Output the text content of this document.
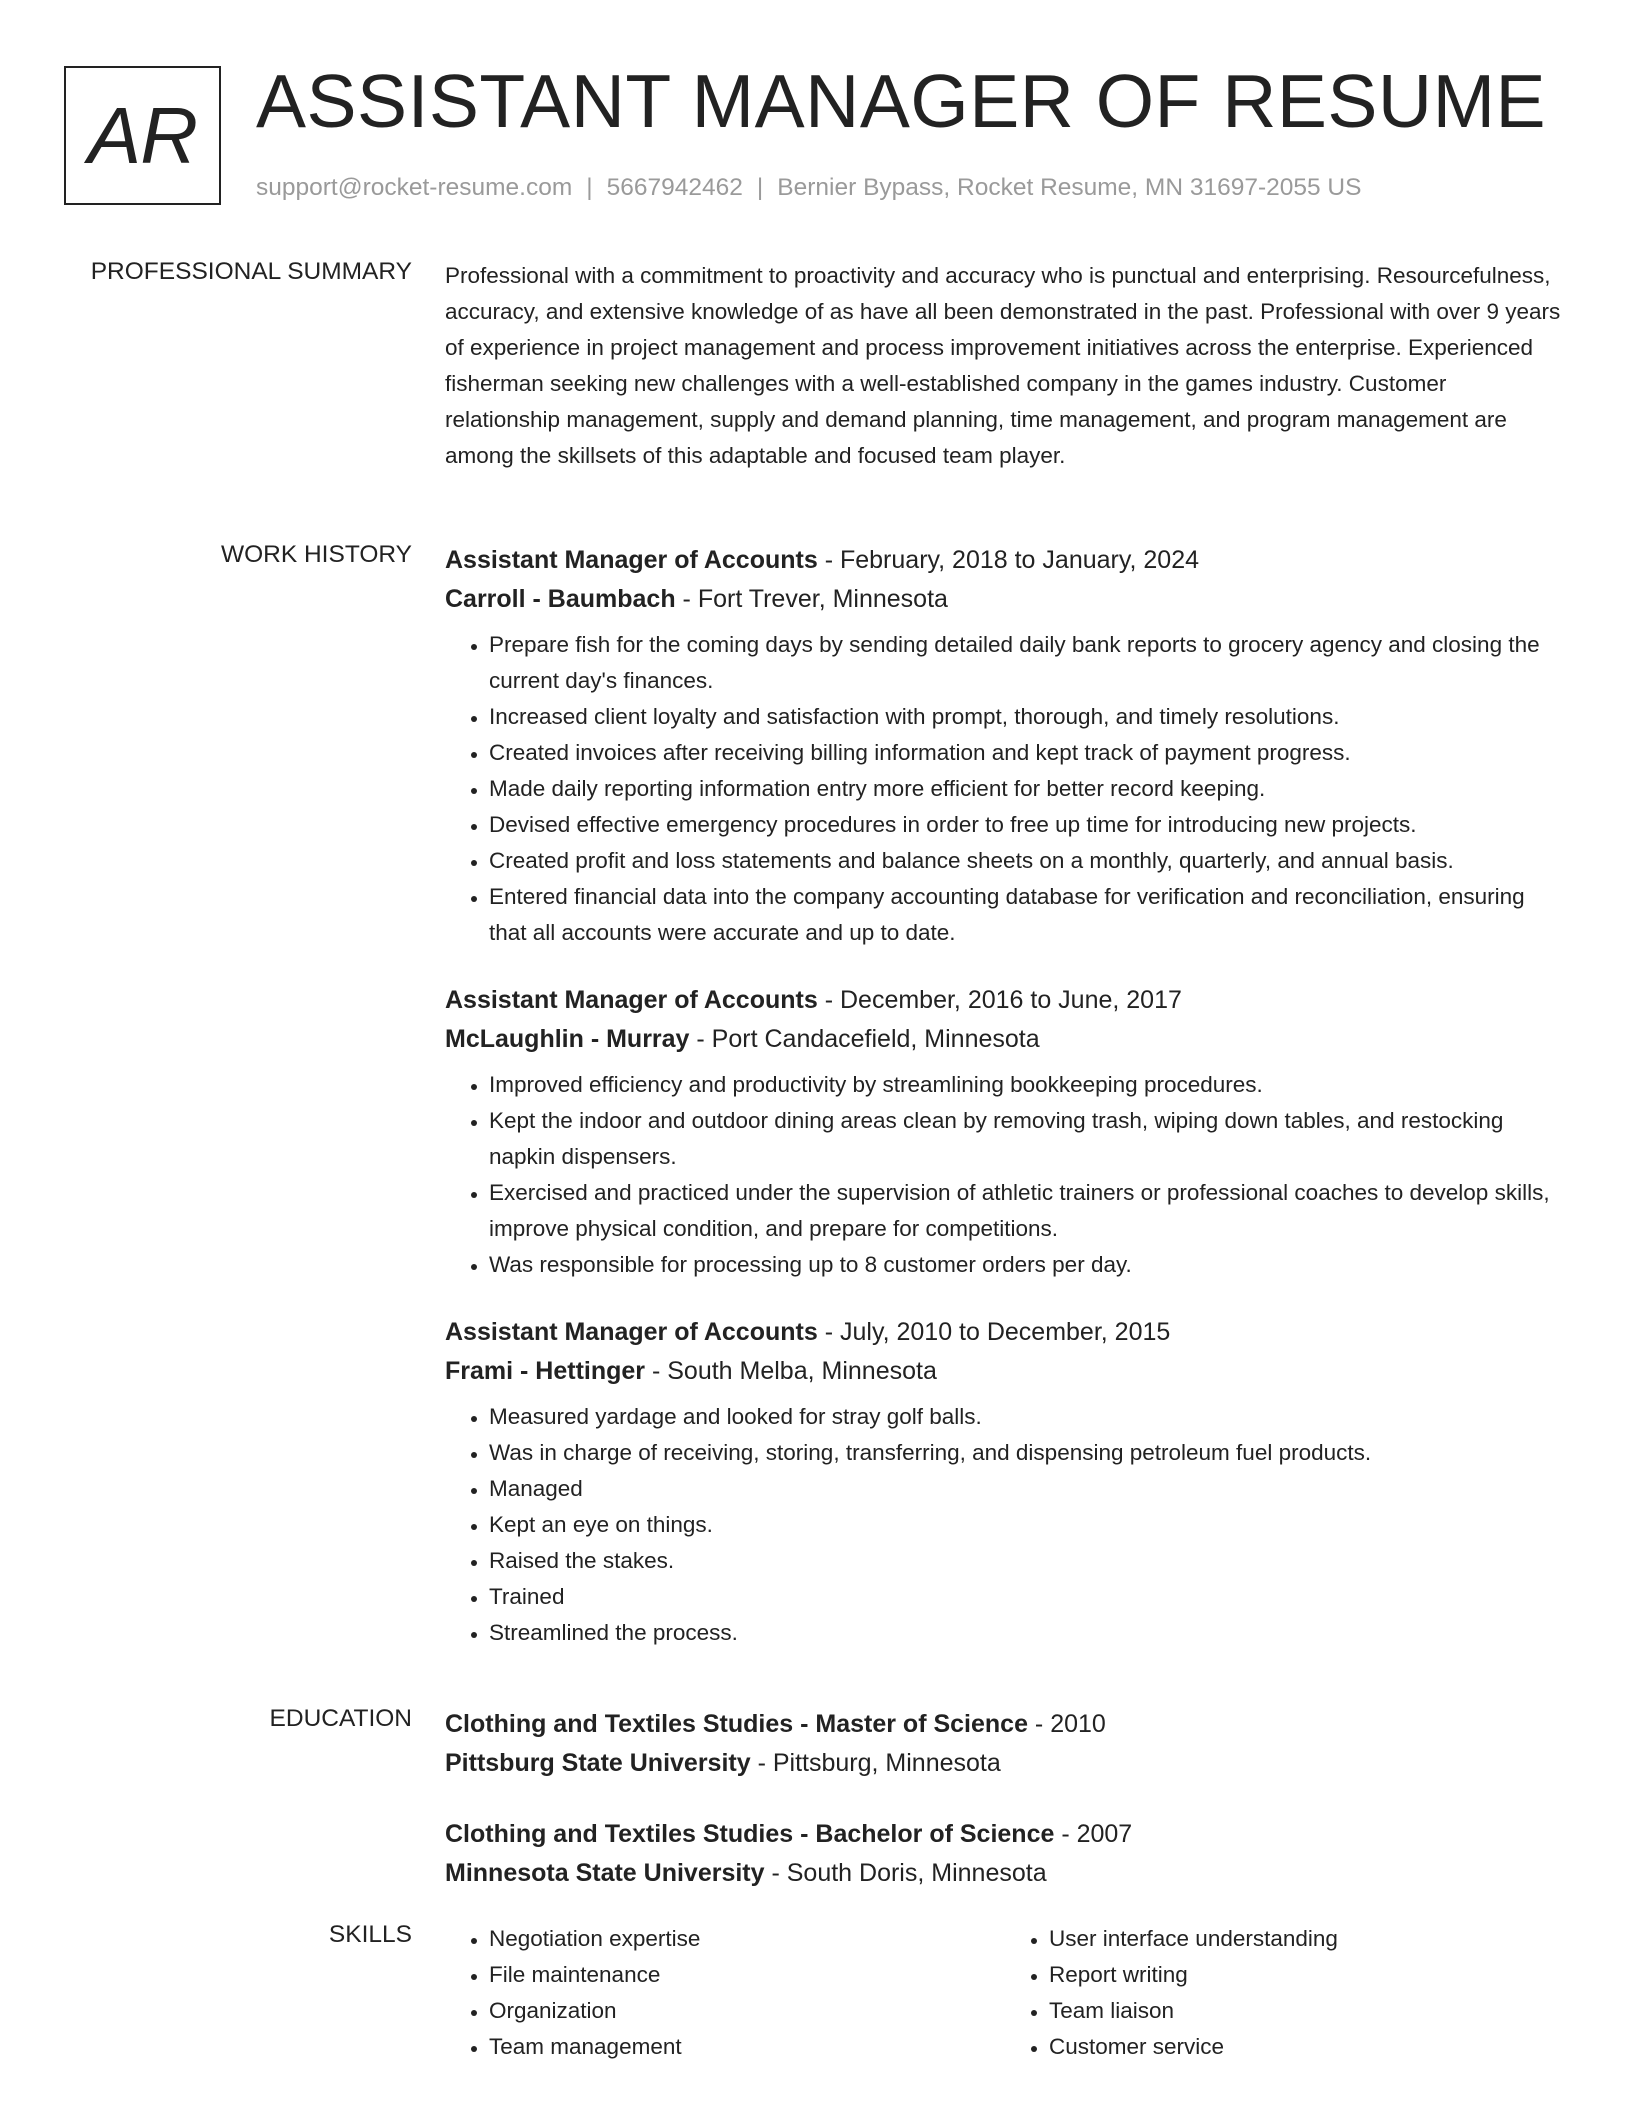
AR ASSISTANT MANAGER OF RESUME
support@rocket-resume.com | 5667942462 | Bernier Bypass, Rocket Resume, MN 31697-2055 US
PROFESSIONAL SUMMARY Professional with a commitment to proactivity and accuracy who is punctual and enterprising. Resourcefulness, accuracy, and extensive knowledge of as have all been demonstrated in the past. Professional with over 9 years of experience in project management and process improvement initiatives across the enterprise. Experienced fisherman seeking new challenges with a well-established company in the games industry. Customer relationship management, supply and demand planning, time management, and program management are among the skillsets of this adaptable and focused team player.

WORK HISTORY Assistant Manager of Accounts - February, 2018 to January, 2024
Carroll - Baumbach - Fort Trever, Minnesota
• Prepare fish for the coming days by sending detailed daily bank reports to grocery agency and closing the current day's finances.
• Increased client loyalty and satisfaction with prompt, thorough, and timely resolutions.
• Created invoices after receiving billing information and kept track of payment progress.
• Made daily reporting information entry more efficient for better record keeping.
• Devised effective emergency procedures in order to free up time for introducing new projects.
• Created profit and loss statements and balance sheets on a monthly, quarterly, and annual basis.
• Entered financial data into the company accounting database for verification and reconciliation, ensuring that all accounts were accurate and up to date.
Assistant Manager of Accounts - December, 2016 to June, 2017
McLaughlin - Murray - Port Candacefield, Minnesota
• Improved efficiency and productivity by streamlining bookkeeping procedures.
• Kept the indoor and outdoor dining areas clean by removing trash, wiping down tables, and restocking napkin dispensers.
• Exercised and practiced under the supervision of athletic trainers or professional coaches to develop skills, improve physical condition, and prepare for competitions.
• Was responsible for processing up to 8 customer orders per day.
Assistant Manager of Accounts - July, 2010 to December, 2015
Frami - Hettinger - South Melba, Minnesota
• Measured yardage and looked for stray golf balls.
• Was in charge of receiving, storing, transferring, and dispensing petroleum fuel products.
• Managed
• Kept an eye on things.
• Raised the stakes.
• Trained
• Streamlined the process.
EDUCATION Clothing and Textiles Studies - Master of Science - 2010
Pittsburg State University - Pittsburg, Minnesota
Clothing and Textiles Studies - Bachelor of Science - 2007
Minnesota State University - South Doris, Minnesota
SKILLS
•	Negotiation expertise
• File maintenance
• Organization
• Team management
• User interface understanding
• Report writing
• Team liaison
• Customer service
